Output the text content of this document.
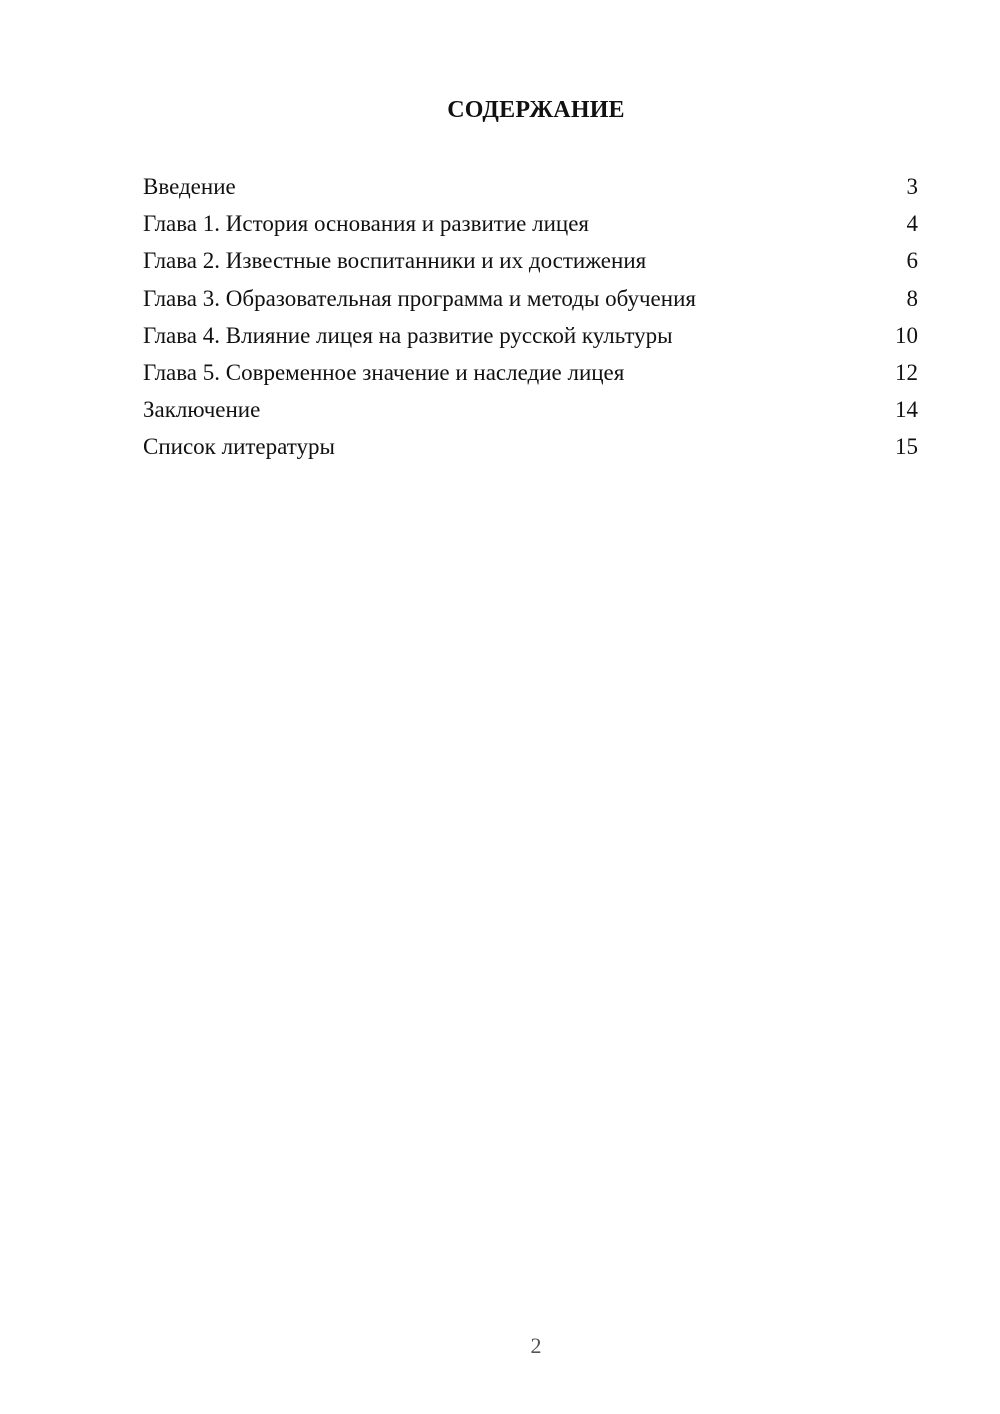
СОДЕРЖАНИЕ
Введение	3
Глава 1. История основания и развитие лицея	4
Глава 2. Известные воспитанники и их достижения	6
Глава 3. Образовательная программа и методы обучения	8
Глава 4. Влияние лицея на развитие русской культуры	10
Глава 5. Современное значение и наследие лицея	12
Заключение	14
Список литературы	15
2
